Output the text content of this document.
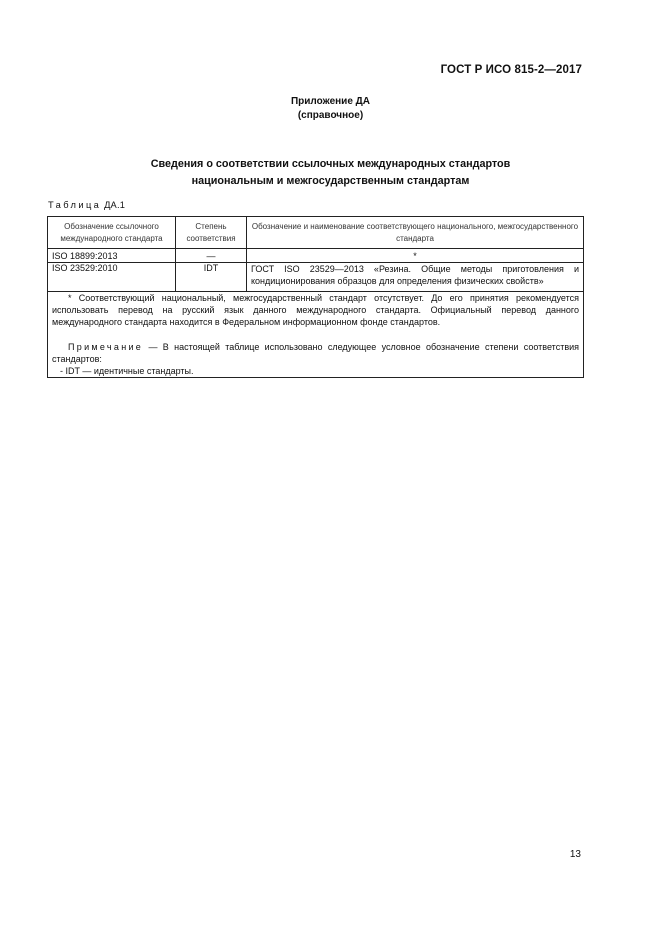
ГОСТ Р ИСО 815-2—2017
Приложение ДА
(справочное)
Сведения о соответствии ссылочных международных стандартов
национальным и межгосударственным стандартам
Таблица ДА.1
Обозначение ссылочного международного стандарта	Степень соответствия	Обозначение и наименование соответствующего национального, межгосударственного стандарта
ISO 18899:2013	—	*
ISO 23529:2010	IDT	ГОСТ ISO 23529—2013 «Резина. Общие методы приготовления и кондиционирования образцов для определения физических свойств»

* Соответствующий национальный, межгосударственный стандарт отсутствует. До его принятия рекомендуется использовать перевод на русский язык данного международного стандарта. Официальный перевод данного международного стандарта находится в Федеральном информационном фонде стандартов.

Примечание — В настоящей таблице использовано следующее условное обозначение степени соответствия стандартов:

- IDT — идентичные стандарты.		

13
